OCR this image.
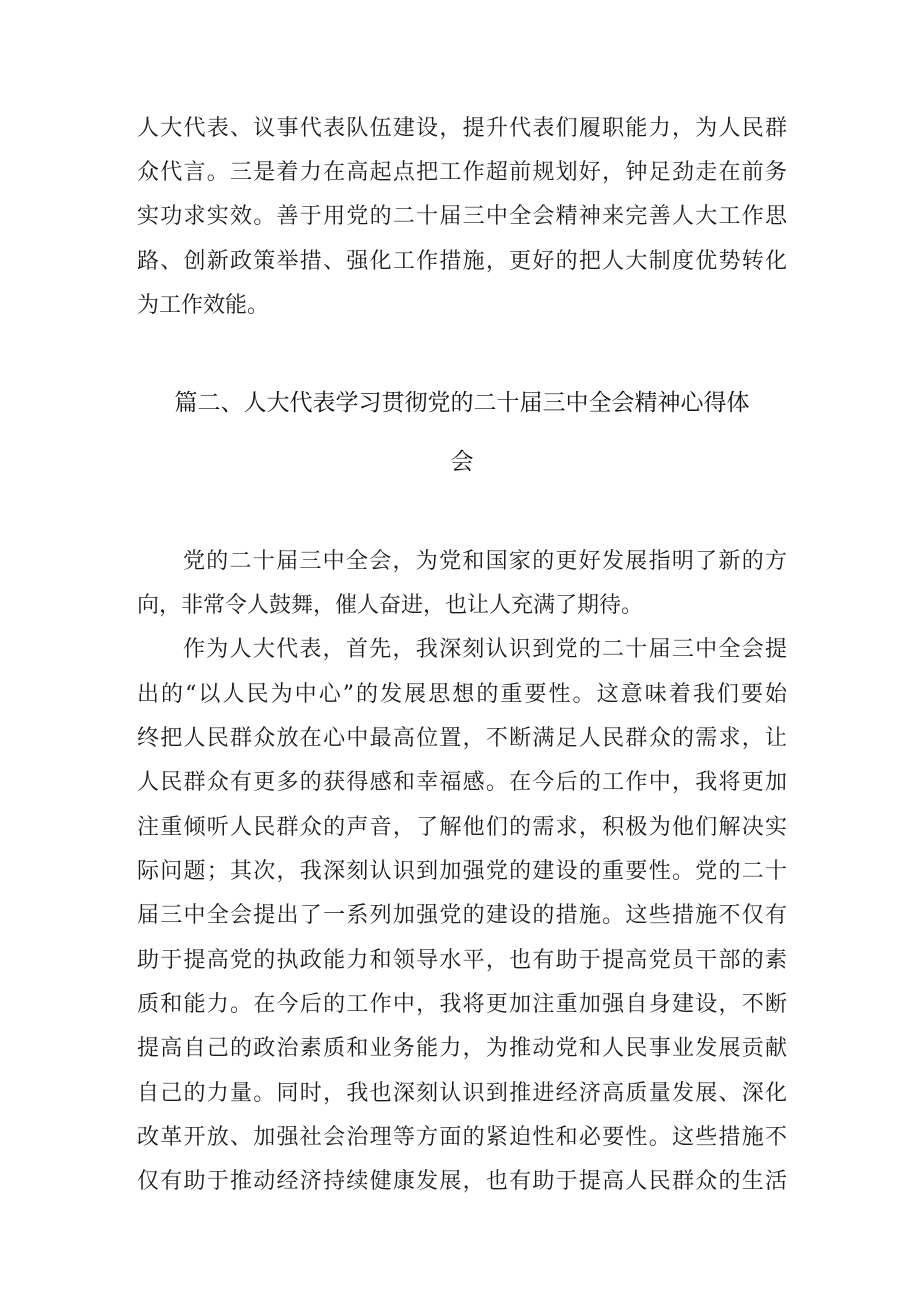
人大代表、议事代表队伍建设，提升代表们履职能力，为人民群
众代言。三是着力在高起点把工作超前规划好，钟足劲走在前务
实功求实效。善于用党的二十届三中全会精神来完善人大工作思
路、创新政策举措、强化工作措施，更好的把人大制度优势转化
为工作效能。
篇二、人大代表学习贯彻党的二十届三中全会精神心得体
会
党的二十届三中全会，为党和国家的更好发展指明了新的方
向，非常令人鼓舞，催人奋进，也让人充满了期待。
作为人大代表，首先，我深刻认识到党的二十届三中全会提
出的“以人民为中心”的发展思想的重要性。这意味着我们要始
终把人民群众放在心中最高位置，不断满足人民群众的需求，让
人民群众有更多的获得感和幸福感。在今后的工作中，我将更加
注重倾听人民群众的声音，了解他们的需求，积极为他们解决实
际问题；其次，我深刻认识到加强党的建设的重要性。党的二十
届三中全会提出了一系列加强党的建设的措施。这些措施不仅有
助于提高党的执政能力和领导水平，也有助于提高党员干部的素
质和能力。在今后的工作中，我将更加注重加强自身建设，不断
提高自己的政治素质和业务能力，为推动党和人民事业发展贡献
自己的力量。同时，我也深刻认识到推进经济高质量发展、深化
改革开放、加强社会治理等方面的紧迫性和必要性。这些措施不
仅有助于推动经济持续健康发展，也有助于提高人民群众的生活
